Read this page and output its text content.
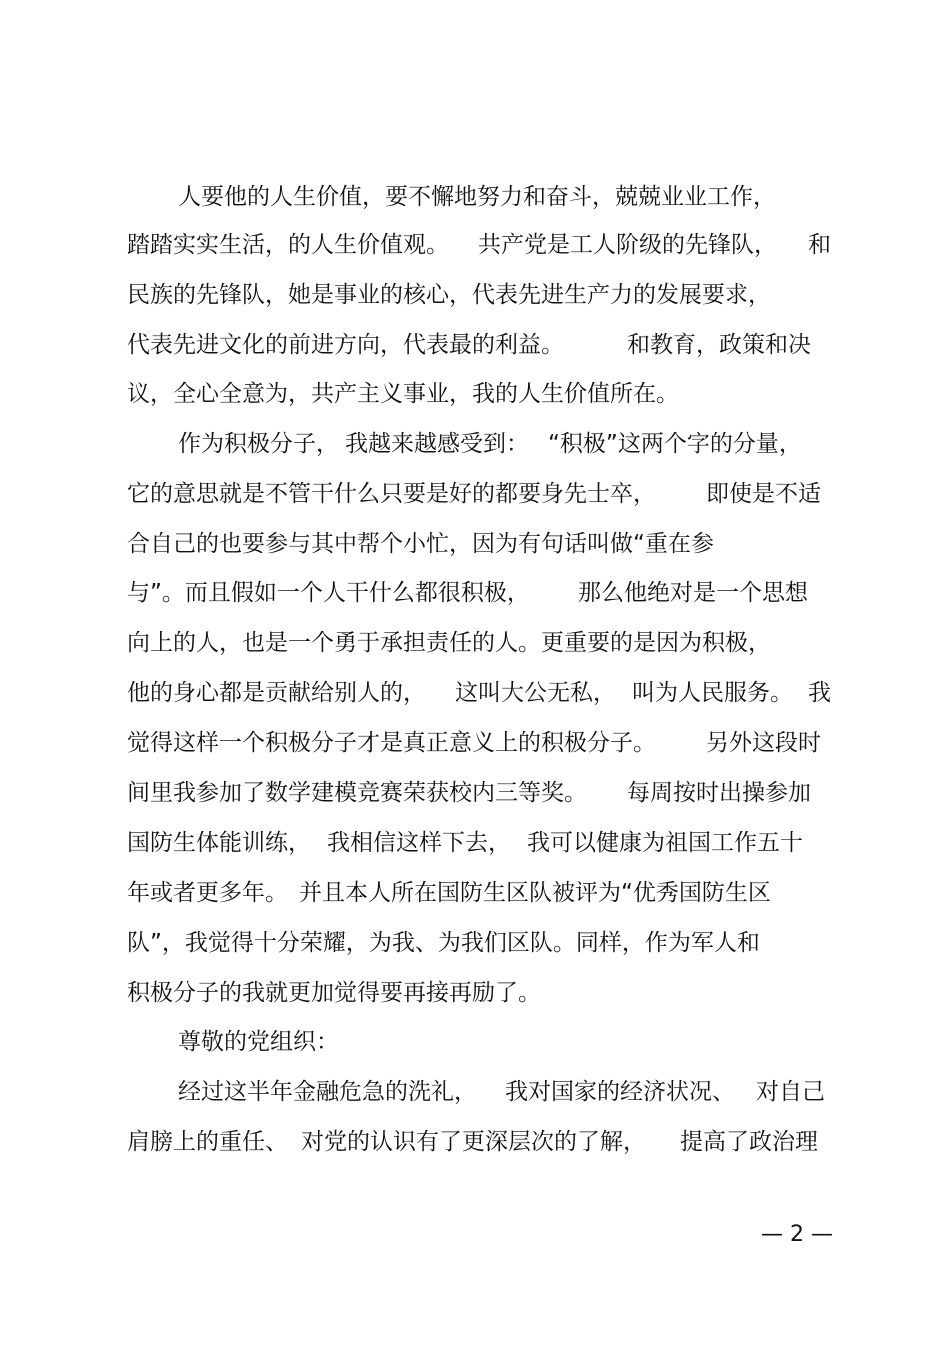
人要他的人生价值，要不懈地努力和奋斗，兢兢业业工作，

踏踏实实生活，的人生价值观。

共产党是工人阶级的先锋队，

和

民族的先锋队，她是事业的核心，代表先进生产力的发展要求，

代表先进文化的前进方向，代表最的利益。

	和教育，政策和决

议，全心全意为，共产主义事业，我的人生价值所在。

作为积极分子，

我越来越感受到：

“积极”这两个字的分量，

它的意思就是不管干什么只要是好的都要身先士卒，

即使是不适

合自己的也要参与其中帮个小忙，因为有句话叫做“重在参

与”。而且假如一个人干什么都很积极，

那么他绝对是一个思想

向上的人，也是一个勇于承担责任的人。更重要的是因为积极，

他的身心都是贡献给别人的，

这叫大公无私，

叫为人民服务。

我

觉得这样一个积极分子才是真正意义上的积极分子。

另外这段时

间里我参加了数学建模竞赛荣获校内三等奖。

每周按时出操参加

国防生体能训练，

我相信这样下去，

我可以健康为祖国工作五十

年或者更多年。

并且本人所在国防生区队被评为“优秀国防生区

队”，我觉得十分荣耀，为我、为我们区队。同样，作为军人和

积极分子的我就更加觉得要再接再励了。

尊敬的党组织：

经过这半年金融危急的洗礼，

我对国家的经济状况、

对自己

肩膀上的重任、

对党的认识有了更深层次的了解，

提高了政治理

— 2 —
